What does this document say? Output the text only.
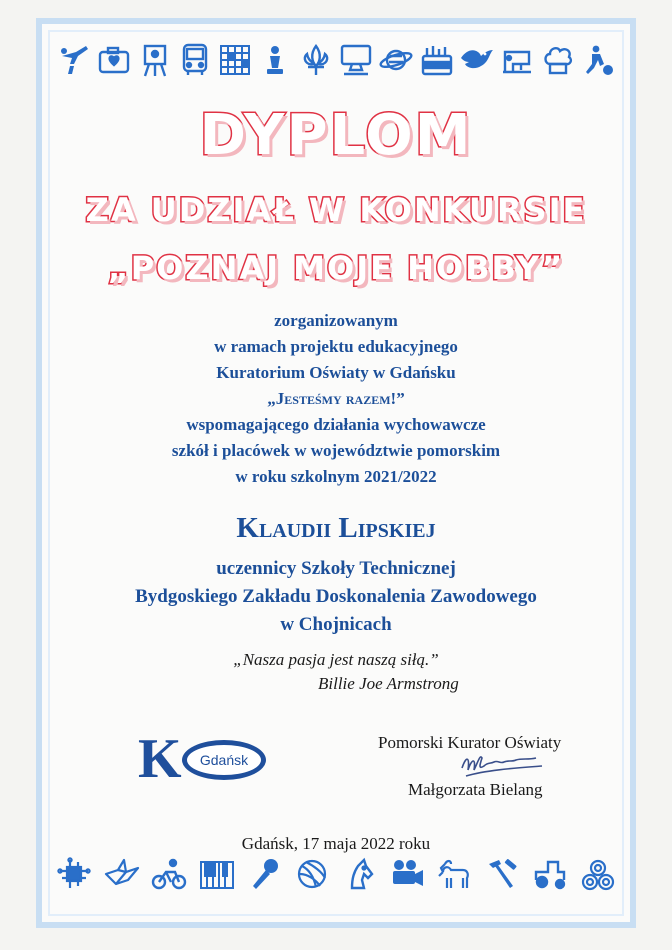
DYPLOM
ZA UDZIAŁ W KONKURSIE
„POZNAJ MOJE HOBBY”
zorganizowanym
w ramach projektu edukacyjnego
Kuratorium Oświaty w Gdańsku
„Jesteśmy razem!”
wspomagającego działania wychowawcze
szkół i placówek w województwie pomorskim
w roku szkolnym 2021/2022
Klaudii Lipskiej
uczennicy Szkoły Technicznej
Bydgoskiego Zakładu Doskonalenia Zawodowego
w Chojnicach
„Nasza pasja jest naszą siłą.”
Billie Joe Armstrong
K	Gdańsk
Pomorski Kurator Oświaty
Małgorzata Bielang
Gdańsk, 17 maja 2022 roku
